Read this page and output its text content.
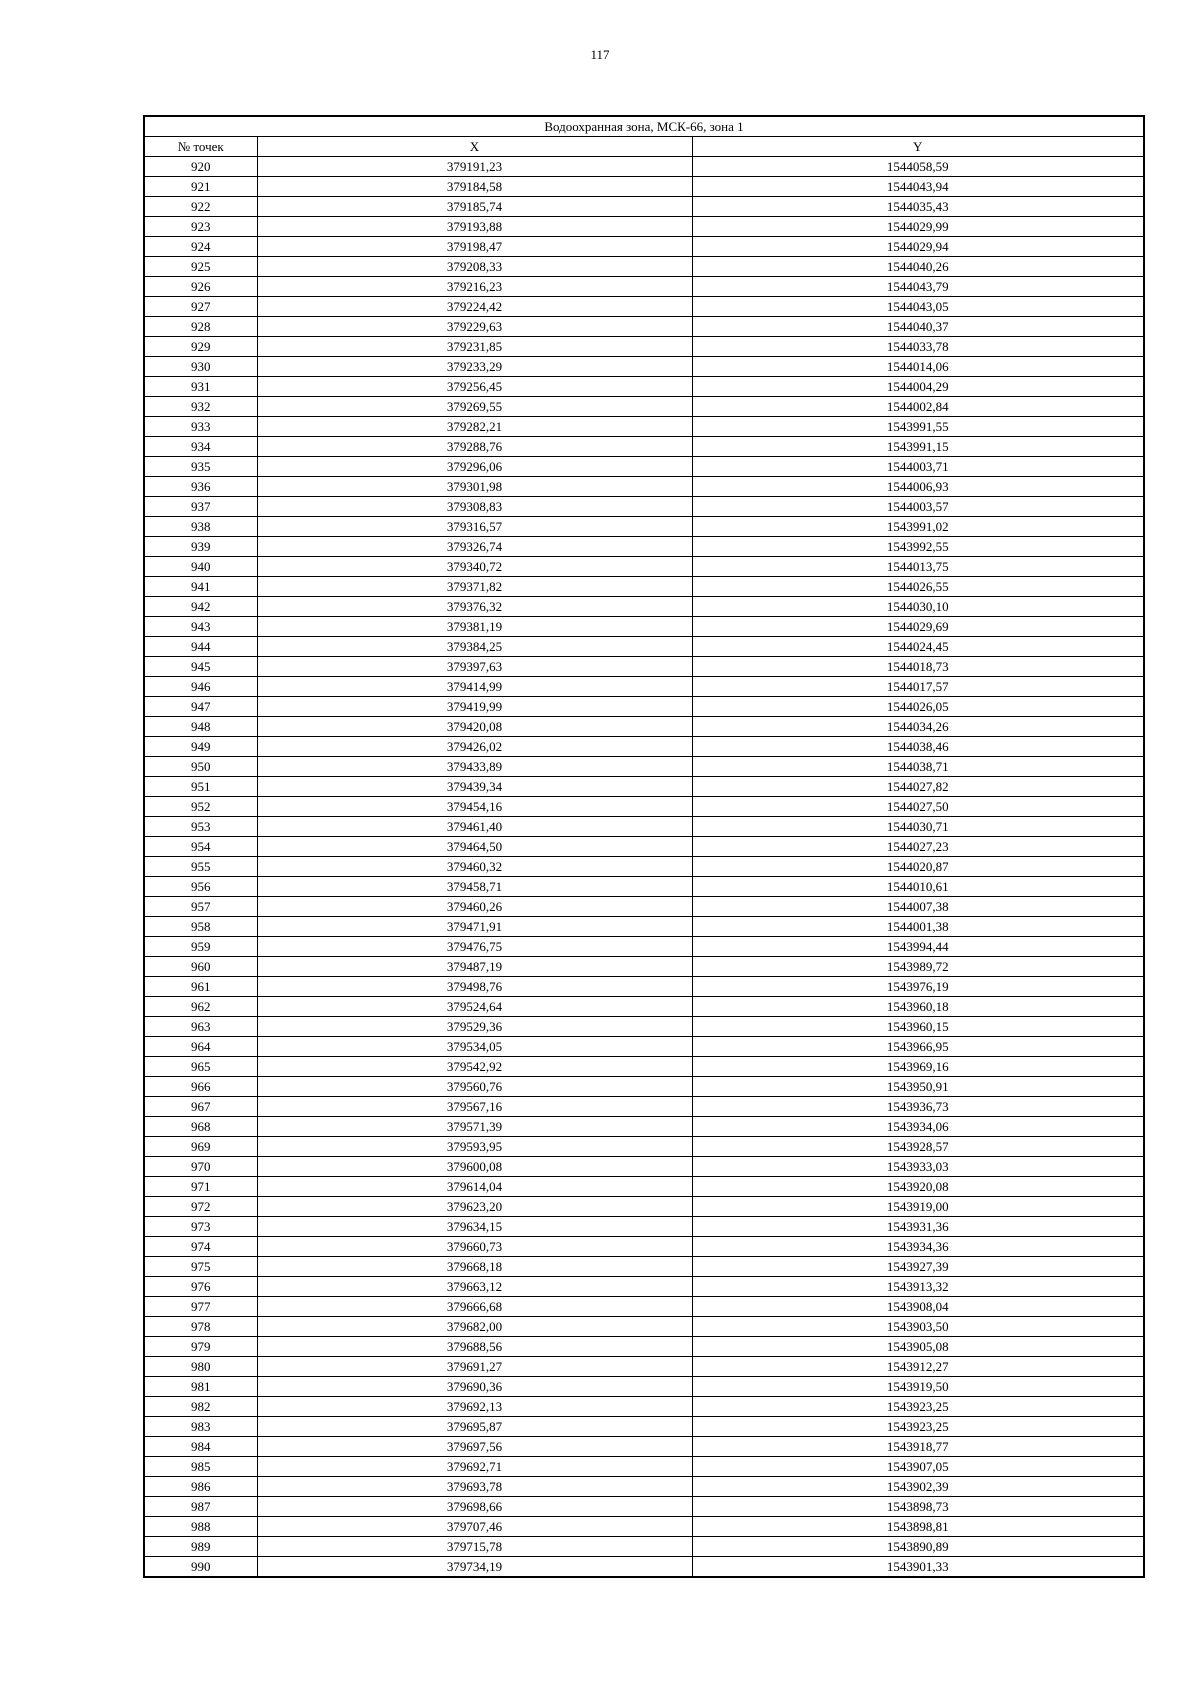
117
Водоохранная зона, МСК-66, зона 1		
№ точек	X	Y
920	379191,23	1544058,59
921	379184,58	1544043,94
922	379185,74	1544035,43
923	379193,88	1544029,99
924	379198,47	1544029,94
925	379208,33	1544040,26
926	379216,23	1544043,79
927	379224,42	1544043,05
928	379229,63	1544040,37
929	379231,85	1544033,78
930	379233,29	1544014,06
931	379256,45	1544004,29
932	379269,55	1544002,84
933	379282,21	1543991,55
934	379288,76	1543991,15
935	379296,06	1544003,71
936	379301,98	1544006,93
937	379308,83	1544003,57
938	379316,57	1543991,02
939	379326,74	1543992,55
940	379340,72	1544013,75
941	379371,82	1544026,55
942	379376,32	1544030,10
943	379381,19	1544029,69
944	379384,25	1544024,45
945	379397,63	1544018,73
946	379414,99	1544017,57
947	379419,99	1544026,05
948	379420,08	1544034,26
949	379426,02	1544038,46
950	379433,89	1544038,71
951	379439,34	1544027,82
952	379454,16	1544027,50
953	379461,40	1544030,71
954	379464,50	1544027,23
955	379460,32	1544020,87
956	379458,71	1544010,61
957	379460,26	1544007,38
958	379471,91	1544001,38
959	379476,75	1543994,44
960	379487,19	1543989,72
961	379498,76	1543976,19
962	379524,64	1543960,18
963	379529,36	1543960,15
964	379534,05	1543966,95
965	379542,92	1543969,16
966	379560,76	1543950,91
967	379567,16	1543936,73
968	379571,39	1543934,06
969	379593,95	1543928,57
970	379600,08	1543933,03
971	379614,04	1543920,08
972	379623,20	1543919,00
973	379634,15	1543931,36
974	379660,73	1543934,36
975	379668,18	1543927,39
976	379663,12	1543913,32
977	379666,68	1543908,04
978	379682,00	1543903,50
979	379688,56	1543905,08
980	379691,27	1543912,27
981	379690,36	1543919,50
982	379692,13	1543923,25
983	379695,87	1543923,25
984	379697,56	1543918,77
985	379692,71	1543907,05
986	379693,78	1543902,39
987	379698,66	1543898,73
988	379707,46	1543898,81
989	379715,78	1543890,89
990	379734,19	1543901,33
